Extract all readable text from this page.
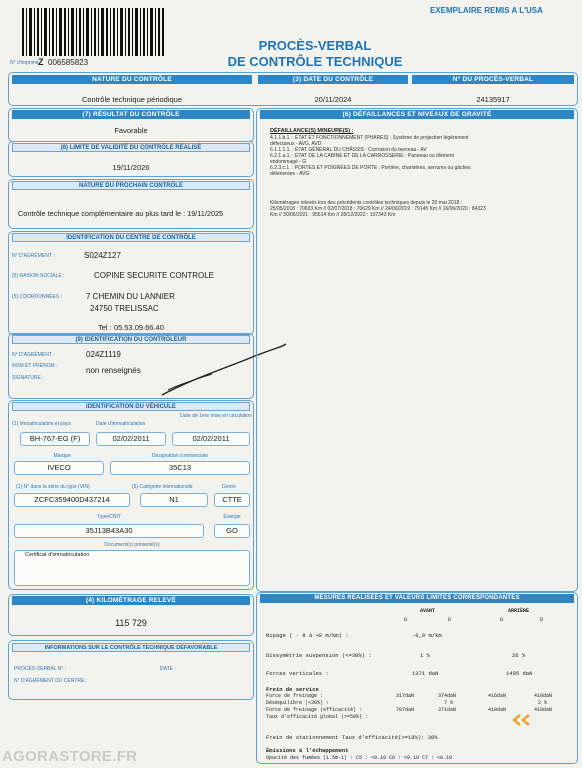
N° d'imprimé Z 006585823
EXEMPLAIRE REMIS A L'USA
PROCÈS-VERBAL
DE CONTRÔLE TECHNIQUE
NATURE DU CONTRÔLE
Contrôle technique périodique
(3) DATE DU CONTRÔLE
20/11/2024
N° DU PROCÈS-VERBAL
24135917
(7) RÉSULTAT DU CONTRÔLE
Favorable
(8) LIMITE DE VALIDITÉ DU CONTRÔLE RÉALISÉ
19/11/2026
NATURE DU PROCHAIN CONTRÔLE
Contrôle technique complémentaire au plus tard le : 19/11/2025
IDENTIFICATION DU CENTRE DE CONTRÔLE
N° D'AGRÉMENT :	S024Z127
(5) RAISON SOCIALE :	COPINE SECURITE CONTROLE
(5) COORDONNÉES :	7 CHEMIN DU LANNIER
24750 TRELISSAC
Tel : 05.53.09.66.40
(9) IDENTIFICATION DU CONTRÔLEUR
N° D'AGRÉMENT :	024Z1119
NOM ET PRÉNOM :	non renseignés
SIGNATURE :
IDENTIFICATION DU VÉHICULE
(1) Immatriculation et pays	Date d'immatriculation
Date de 1ère mise en circulation
BH-767-EG (F)	02/02/2011	02/02/2011
Marque	Désignation commerciale
IVECO	35C13
(1) N° dans la série du type (VIN)	(5) Catégorie internationale	Genre
ZCFC359400D437214	N1	CTTE
Type/CNIT	Énergie
35J13B43A30	GO
Document(s) présenté(s)
Certificat d'immatriculation
(4) KILOMÉTRAGE RELEVÉ
115 729
INFORMATIONS SUR LE CONTRÔLE TECHNIQUE DÉFAVORABLE
PROCÈS-VERBAL N° :	DATE :
N° D'AGRÉMENT DU CENTRE :
(6) DÉFAILLANCES ET NIVEAUX DE GRAVITÉ
DÉFAILLANCE(S) MINEURE(S) :
4.1.1.b.1. : ÉTAT ET FONCTIONNEMENT (PHARES) : Système de projection légèrement
défectueux - AVG, AVD
6.1.1.1.1. : ÉTAT GÉNÉRAL DU CHÂSSIS : Corrosion du berceau - AV
6.2.1.a.1. : ÉTAT DE LA CABINE ET DE LA CARROSSERIE : Panneau ou élément
endommagé - G
6.2.3.c.1. : PORTES ET POIGNÉES DE PORTE : Portière, charnières, serrures ou gâches
détériorées - AVG
Kilométrages relevés lors des précédents contrôles techniques depuis le 20 mai 2018 :
25/05/2018 : 70633 Km // 02/07/2018 : 70629 Km // 24/06/2019 : 79145 Km // 16/06/2020 : 84323
Km // 30/06/2021 : 95514 Km // 28/12/2022 : 107343 Km
MESURES RÉALISÉES ET VALEURS LIMITES CORRESPONDANTES
AVANT	ARRIÈRE
G	D	G	D
Ripage ( - 8 à +8 m/km) :	-6,0 m/km
Dissymétrie suspension (<=30%) :	1 %	26 %
Forces verticales :	1371 daN	1495 daN
Frein de service
Force de freinage :	317daN	374daN	416daN	418daN
Déséquilibre (<30%) :	7 %	2 %
Force de freinage (efficacité) :	707daN	371daN	410daN	418daN
Taux d'efficacité global (>=50%) :
Frein de stationnement Taux d'efficacité(>=18%): 38%
Émissions à l'échappement
Opacité des fumées (1.5m-1) : C5 : <0.10 C6 : <0.10 C7 : <0.10
AGORASTORE.FR
